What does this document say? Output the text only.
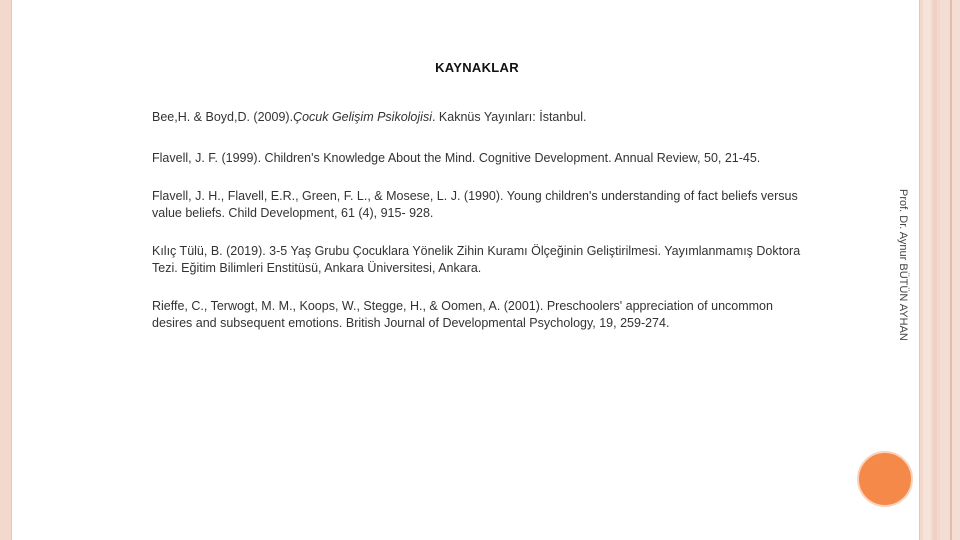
KAYNAKLAR

Bee,H. & Boyd,D. (2009).Çocuk Gelişim Psikolojisi. Kaknüs Yayınları: İstanbul.

Flavell, J. F. (1999). Children's Knowledge About the Mind. Cognitive Development. Annual Review, 50, 21-45.

Flavell, J. H., Flavell, E.R., Green, F. L., & Mosese, L. J. (1990). Young children's understanding of fact beliefs versus value beliefs. Child Development, 61 (4), 915- 928.

Kılıç Tülü, B. (2019). 3-5 Yaş Grubu Çocuklara Yönelik Zihin Kuramı Ölçeğinin Geliştirilmesi. Yayımlanmamış Doktora Tezi. Eğitim Bilimleri Enstitüsü, Ankara Üniversitesi, Ankara.

Rieffe, C., Terwogt, M. M., Koops, W., Stegge, H., & Oomen, A. (2001). Preschoolers' appreciation of uncommon desires and subsequent emotions. British Journal of Developmental Psychology, 19, 259-274.	Prof. Dr. Aynur BÜTÜN AYHAN
